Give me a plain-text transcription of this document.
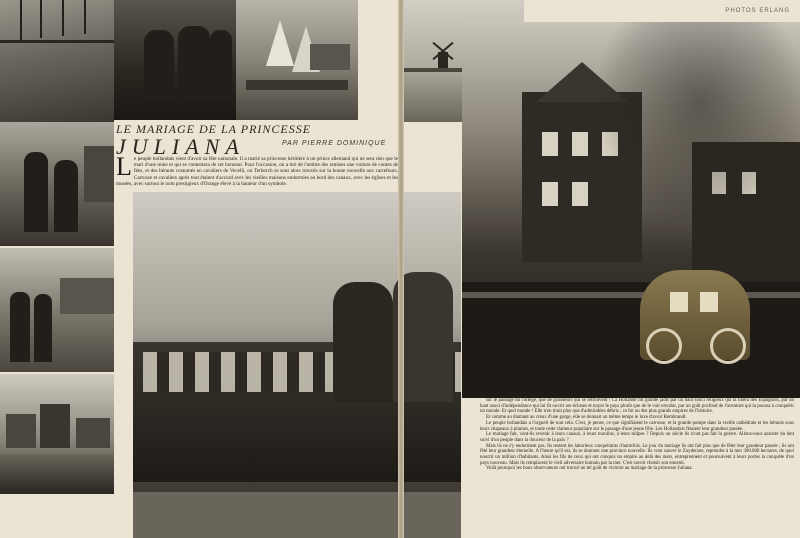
LE MARIAGE DE LA PRINCESSE
JULIANA	PAR PIERRE DOMINIQUE
Le peuple hollandais vient d'avoir sa fête nationale. Il a marié sa princesse héritière à un prince allemand qui ne sera rien que le mari d'une reine et qui se contentera de cet honneur. Pour l'occasion, on a tiré de l'ombre des remises une voiture de contes de fées, et des hérauts costumés en cavaliers de Vecelli, ou Terborch se sont alors trouvés sur la bonne nouvelle aux carrefours. Carrosse et cavaliers après tout étaient d'accord avec les vieilles maisons endormies au bord des canaux, avec les églises et les musées, avec surtout le nom prestigieux d'Orange élevé à la hauteur d'un symbole.
PHOTOS ERLANG

sur le passage du cortège, que de grandeurs qui se retrouvent ! La Hollande fut grande jadis par un haut souci religieux qui la libéra des Espagnols, par un haut souci d'indépendance qui lui fit ouvrir ses écluses et noyer le pays plutôt que de le voir envahir, par un goût profond de l'aventure qui la poussa à conquérir un monde. Et quel monde ! Elle n'en tirait plus que d'admirables débris ; ce fut un des plus grands empires de l'histoire.

Et comme au diamant au creux d'une gorge, elle se donnait un même temps le luxe d'avoir Rembrandt.

Le peuple hollandais a l'orgueil de tout cela. C'est, je pense, ce que signifiaient le carrosse, et la grande pompe dans la vieille cathédrale et les hérauts sous leurs chapeaux à plumes, et toute cette clameur populaire sur le passage d'une jeune fille. Les Hollandais fêtaient leur grandeur passée.

Le mariage fait, vont-ils revenir à leurs canaux, à leurs moulins, à leurs tulipes ? Depuis un siècle ils n'ont pas fait la guerre. Allons-nous assister du lent suivi d'un peuple dans la douceur de la paix ?

Mais ils ne s'y endorment pas. Ils restent les laborieux conquérants d'autrefois. Le jour du mariage ils ont fait plus que de fêter leur grandeur passée ; ils ont fêté leur grandeur éternelle. A l'heure qu'il est, ils se donnent une province nouvelle. Ils vont sauver le Zuyderzee, reprendre à la mer 300.000 hectares, de quoi nourrir un million d'habitants. Ainsi les fils de ceux qui ont conquis un empire au delà des mers, entreprennent et poursuivent à leurs portes la conquête d'un pays nouveau. Mais ils remplacent le vieil adversaire humain par la mer. C'est savoir choisir son ennemi.

Voilà pourquoi les bons observateurs ont trouvé un tel goût de victoire au mariage de la princesse Juliana.
